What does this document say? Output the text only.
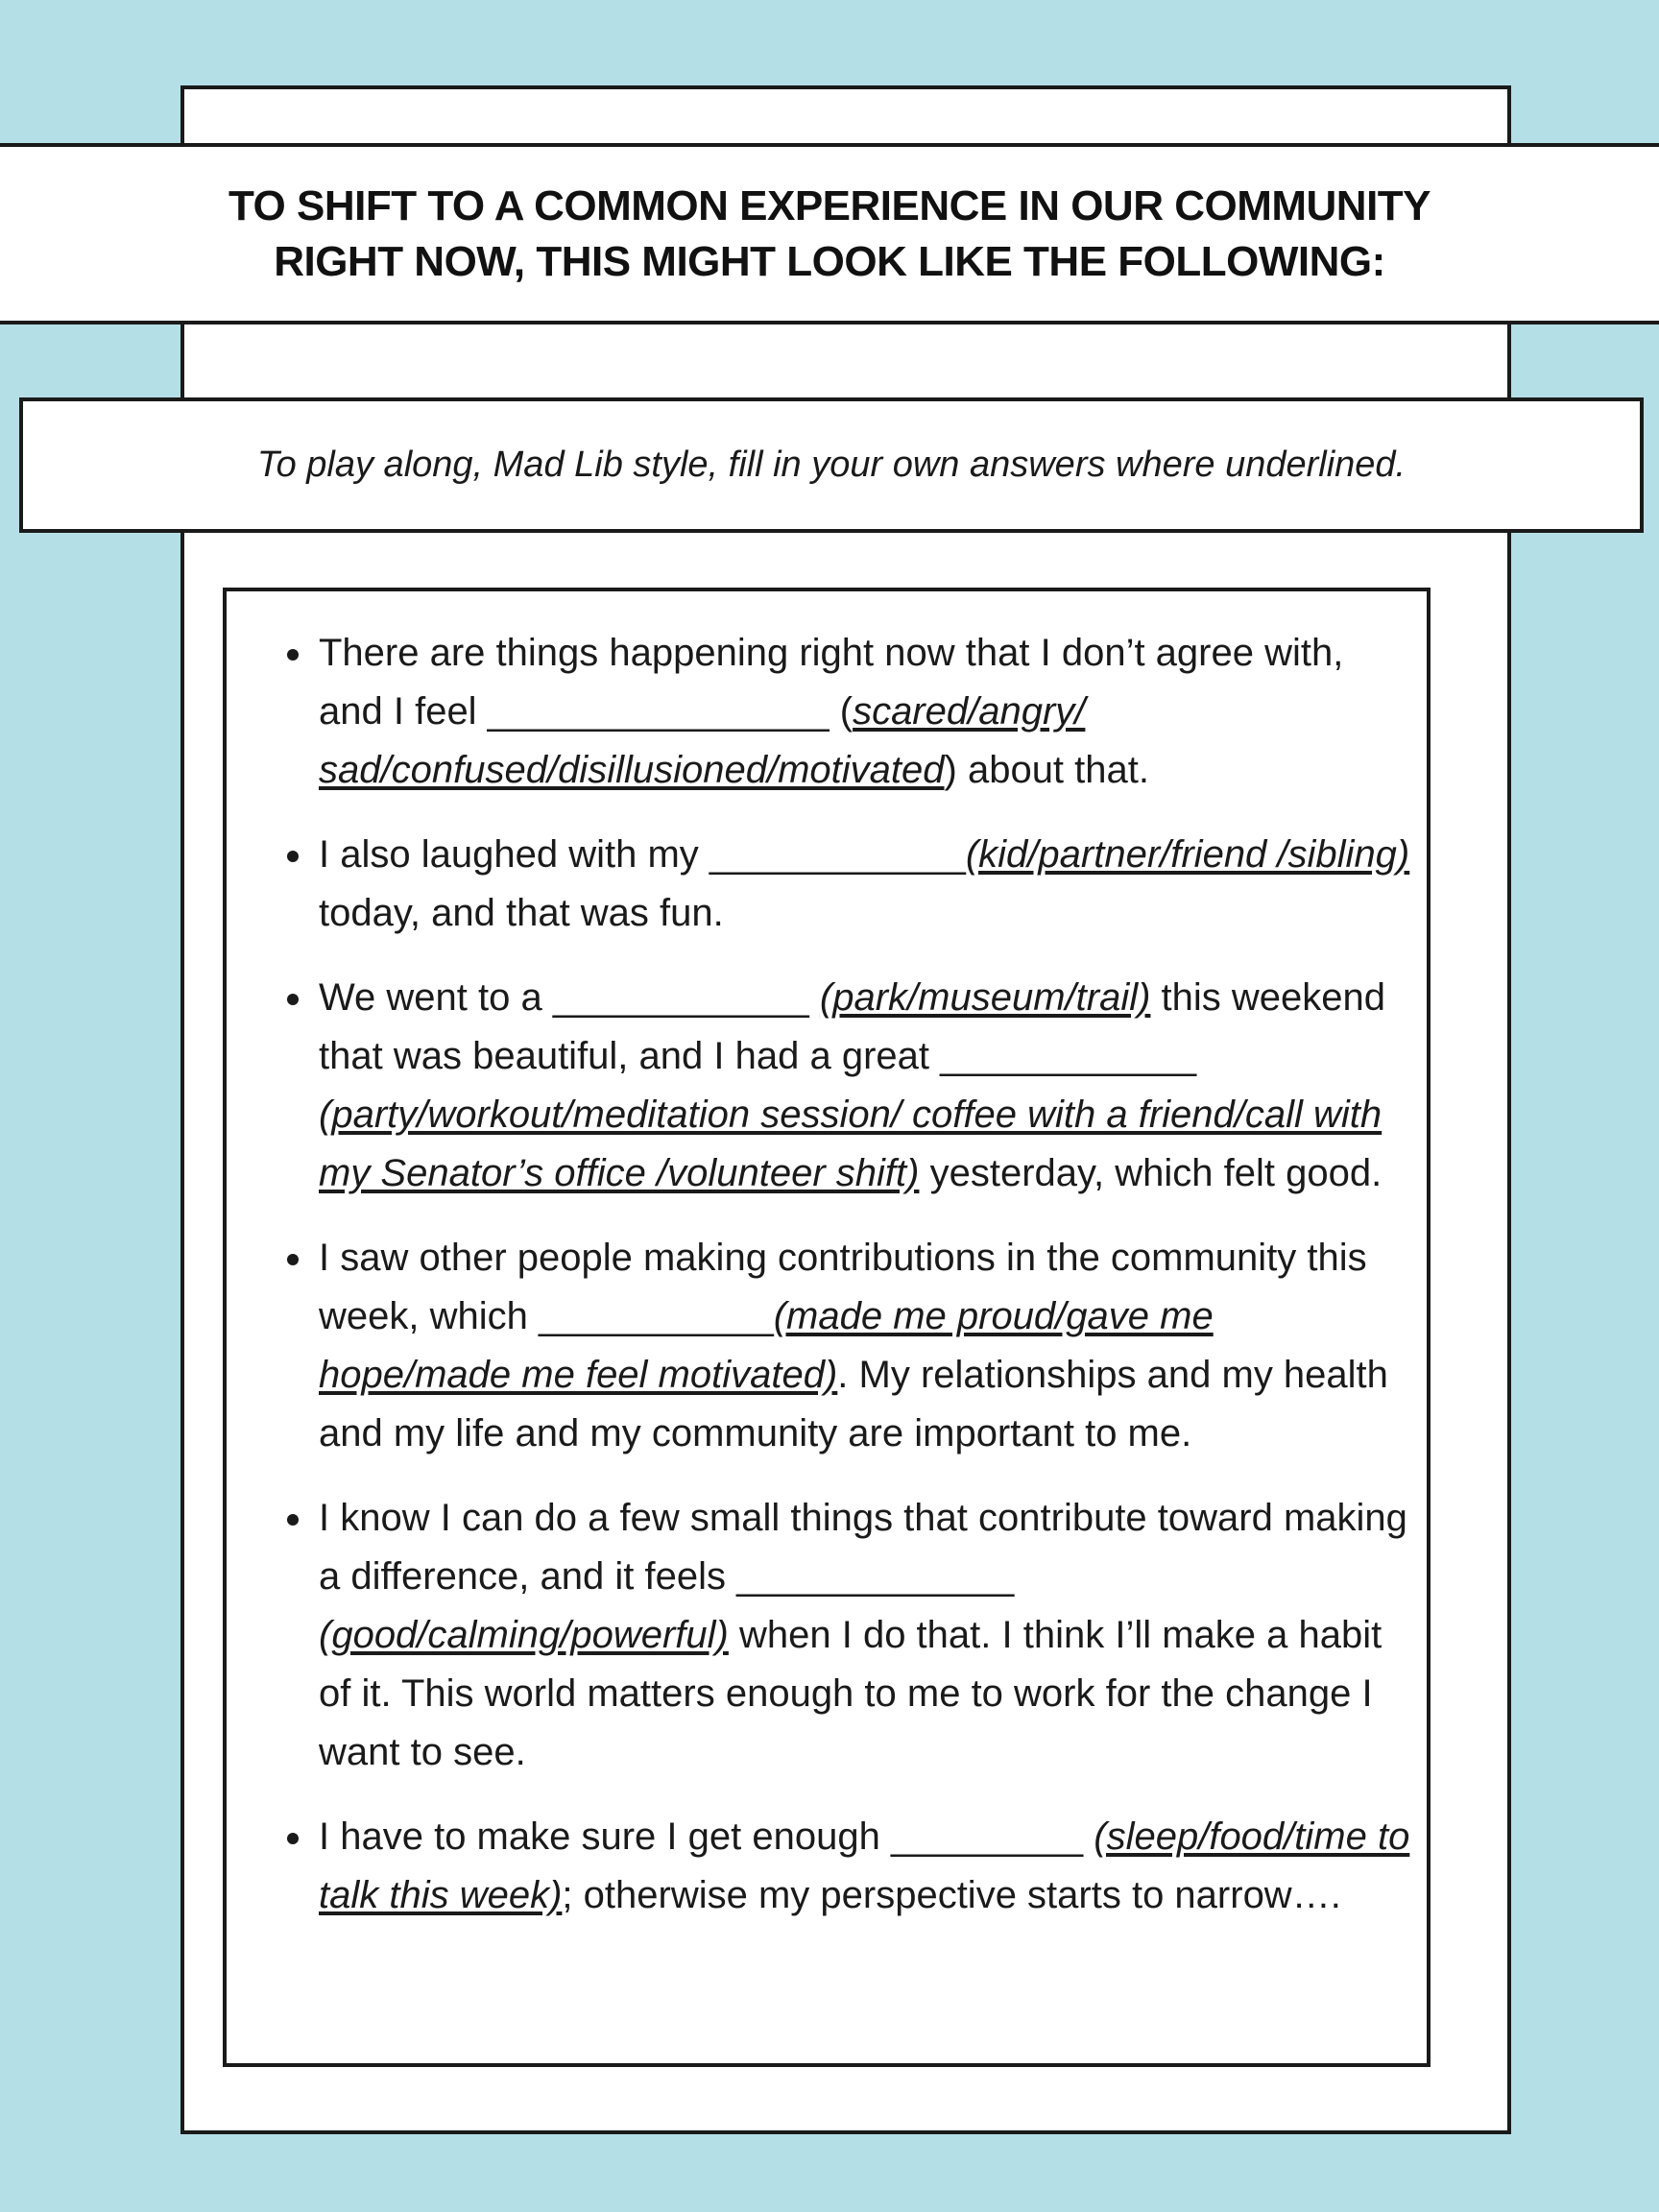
TO SHIFT TO A COMMON EXPERIENCE IN OUR COMMUNITY
RIGHT NOW, THIS MIGHT LOOK LIKE THE FOLLOWING:
To play along, Mad Lib style, fill in your own answers where underlined.
There are things happening right now that I don’t agree with, and I feel ________________ (scared/angry/ sad/confused/disillusioned/motivated) about that.
I also laughed with my ____________(kid/partner/friend /sibling) today, and that was fun.
We went to a ____________ (park/museum/trail) this weekend that was beautiful, and I had a great ____________ (party/workout/meditation session/ coffee with a friend/call with my Senator’s office /volunteer shift) yesterday, which felt good.
I saw other people making contributions in the community this week, which ___________(made me proud/gave me hope/made me feel motivated). My relationships and my health and my life and my community are important to me.
I know I can do a few small things that contribute toward making a difference, and it feels _____________ (good/calming/powerful) when I do that. I think I’ll make a habit of it. This world matters enough to me to work for the change I want to see.
I have to make sure I get enough _________ (sleep/food/time to talk this week); otherwise my perspective starts to narrow….
